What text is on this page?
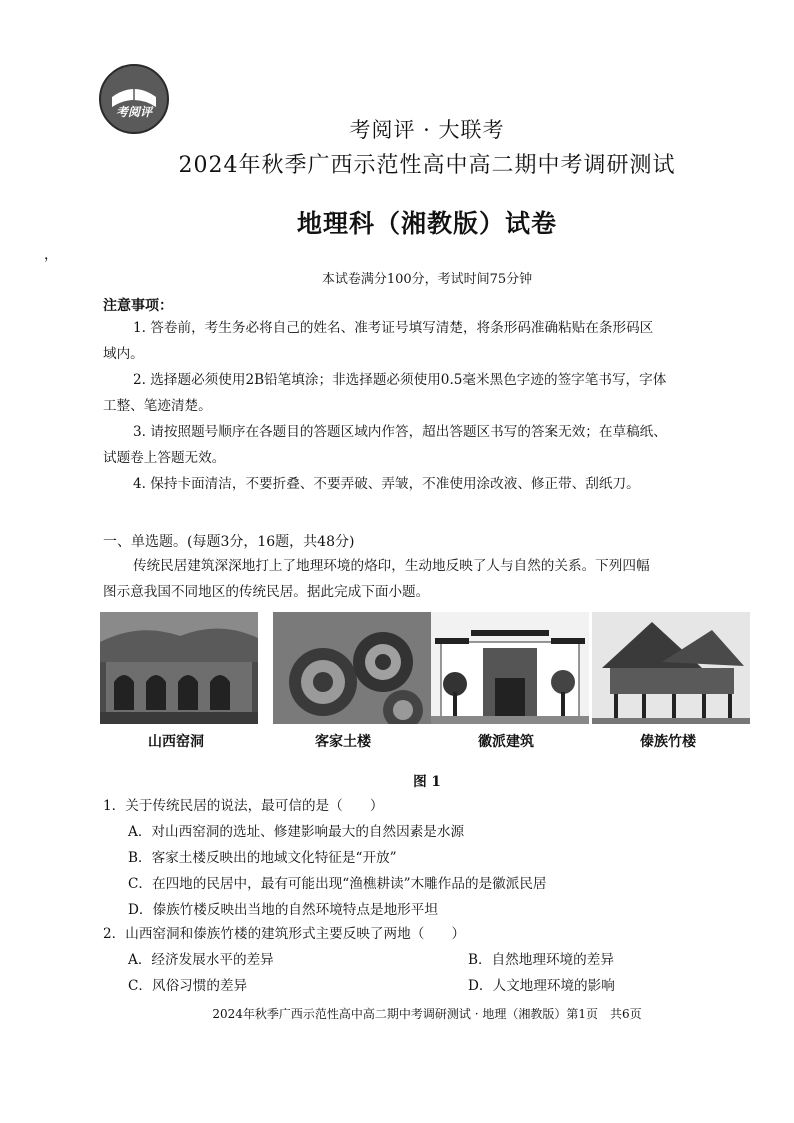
考阅评
考阅评 · 大联考
2024年秋季广西示范性高中高二期中考调研测试
地理科（湘教版）试卷
，
本试卷满分100分，考试时间75分钟
注意事项：
1. 答卷前，考生务必将自己的姓名、准考证号填写清楚，将条形码准确粘贴在条形码区
域内。
2. 选择题必须使用2B铅笔填涂；非选择题必须使用0.5毫米黑色字迹的签字笔书写，字体
工整、笔迹清楚。
3. 请按照题号顺序在各题目的答题区域内作答，超出答题区书写的答案无效；在草稿纸、
试题卷上答题无效。
4. 保持卡面清洁，不要折叠、不要弄破、弄皱，不准使用涂改液、修正带、刮纸刀。
一、单选题。(每题3分，16题，共48分)
传统民居建筑深深地打上了地理环境的烙印，生动地反映了人与自然的关系。下列四幅
图示意我国不同地区的传统民居。据此完成下面小题。
山西窑洞	客家土楼	徽派建筑	傣族竹楼
图 1
1．关于传统民居的说法，最可信的是（　　）
A．对山西窑洞的选址、修建影响最大的自然因素是水源
B．客家土楼反映出的地域文化特征是“开放”
C．在四地的民居中，最有可能出现“渔樵耕读”木雕作品的是徽派民居
D．傣族竹楼反映出当地的自然环境特点是地形平坦
2．山西窑洞和傣族竹楼的建筑形式主要反映了两地（　　）
A．经济发展水平的差异	B．自然地理环境的差异
C．风俗习惯的差异	D．人文地理环境的影响
2024年秋季广西示范性高中高二期中考调研测试 · 地理（湘教版）第1页　共6页
